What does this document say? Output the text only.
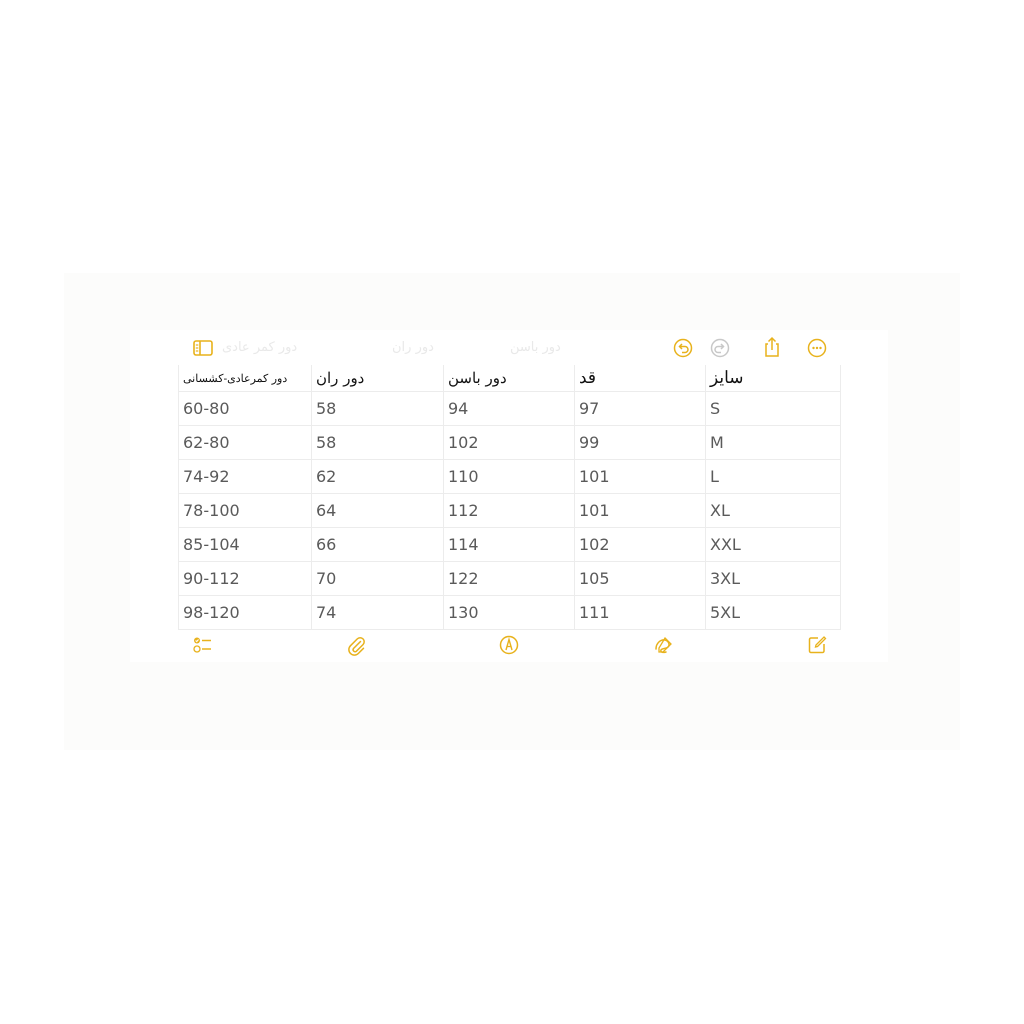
دور باسن
دور ران
دور کمر عادی
دور کمرعادی-کشسانی	دور ران	دور باسن	قد	سایز
60-80	58	94	97	S
62-80	58	102	99	M
74-92	62	110	101	L
78-100	64	112	101	XL
85-104	66	114	102	XXL
90-112	70	122	105	3XL
98-120	74	130	111	5XL
